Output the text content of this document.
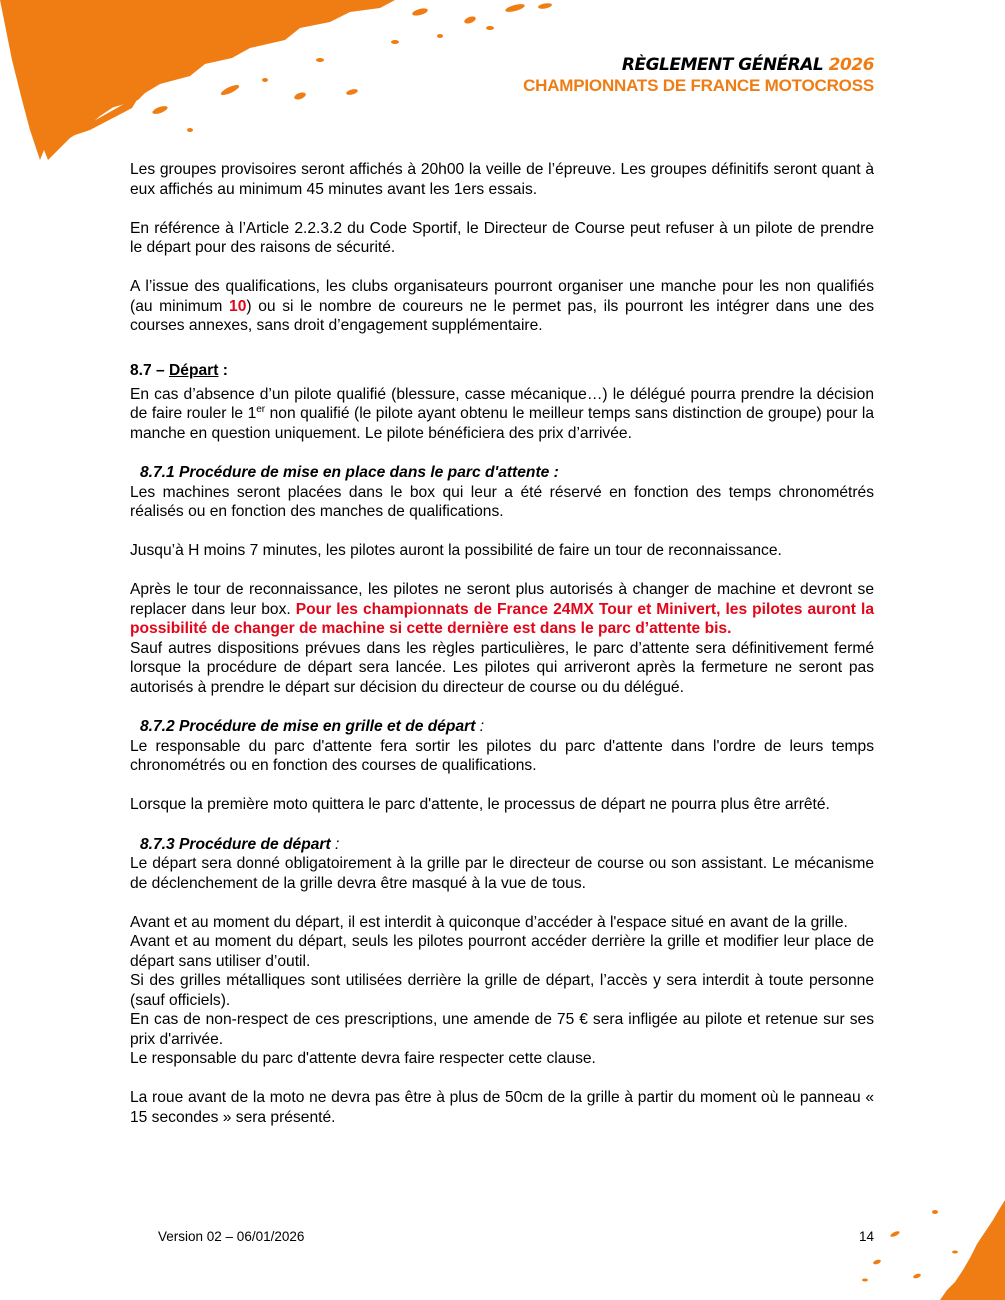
RÈGLEMENT GÉNÉRAL 2026
CHAMPIONNATS DE FRANCE MOTOCROSS

Les groupes provisoires seront affichés à 20h00 la veille de l’épreuve. Les groupes définitifs seront quant à eux affichés au minimum 45 minutes avant les 1ers essais.

En référence à l’Article 2.2.3.2 du Code Sportif, le Directeur de Course peut refuser à un pilote de prendre le départ pour des raisons de sécurité.

A l’issue des qualifications, les clubs organisateurs pourront organiser une manche pour les non qualifiés (au minimum 10) ou si le nombre de coureurs ne le permet pas, ils pourront les intégrer dans une des courses annexes, sans droit d’engagement supplémentaire.

8.7 – Départ :

En cas d’absence d’un pilote qualifié (blessure, casse mécanique…) le délégué pourra prendre la décision de faire rouler le 1er non qualifié (le pilote ayant obtenu le meilleur temps sans distinction de groupe) pour la manche en question uniquement. Le pilote bénéficiera des prix d’arrivée.

8.7.1 Procédure de mise en place dans le parc d'attente :

Les machines seront placées dans le box qui leur a été réservé en fonction des temps chronométrés réalisés ou en fonction des manches de qualifications.

Jusqu’à H moins 7 minutes, les pilotes auront la possibilité de faire un tour de reconnaissance.

Après le tour de reconnaissance, les pilotes ne seront plus autorisés à changer de machine et devront se replacer dans leur box. Pour les championnats de France 24MX Tour et Minivert, les pilotes auront la possibilité de changer de machine si cette dernière est dans le parc d’attente bis.

Sauf autres dispositions prévues dans les règles particulières, le parc d’attente sera définitivement fermé lorsque la procédure de départ sera lancée. Les pilotes qui arriveront après la fermeture ne seront pas autorisés à prendre le départ sur décision du directeur de course ou du délégué.

8.7.2 Procédure de mise en grille et de départ :

Le responsable du parc d'attente fera sortir les pilotes du parc d'attente dans l'ordre de leurs temps chronométrés ou en fonction des courses de qualifications.

Lorsque la première moto quittera le parc d'attente, le processus de départ ne pourra plus être arrêté.

8.7.3 Procédure de départ :

Le départ sera donné obligatoirement à la grille par le directeur de course ou son assistant. Le mécanisme de déclenchement de la grille devra être masqué à la vue de tous.

Avant et au moment du départ, il est interdit à quiconque d’accéder à l'espace situé en avant de la grille.

Avant et au moment du départ, seuls les pilotes pourront accéder derrière la grille et modifier leur place de départ sans utiliser d’outil.

Si des grilles métalliques sont utilisées derrière la grille de départ, l’accès y sera interdit à toute personne (sauf officiels).

En cas de non-respect de ces prescriptions, une amende de 75 € sera infligée au pilote et retenue sur ses prix d'arrivée.

Le responsable du parc d'attente devra faire respecter cette clause.

La roue avant de la moto ne devra pas être à plus de 50cm de la grille à partir du moment où le panneau « 15 secondes » sera présenté.

Version 02 – 06/01/2026	14
